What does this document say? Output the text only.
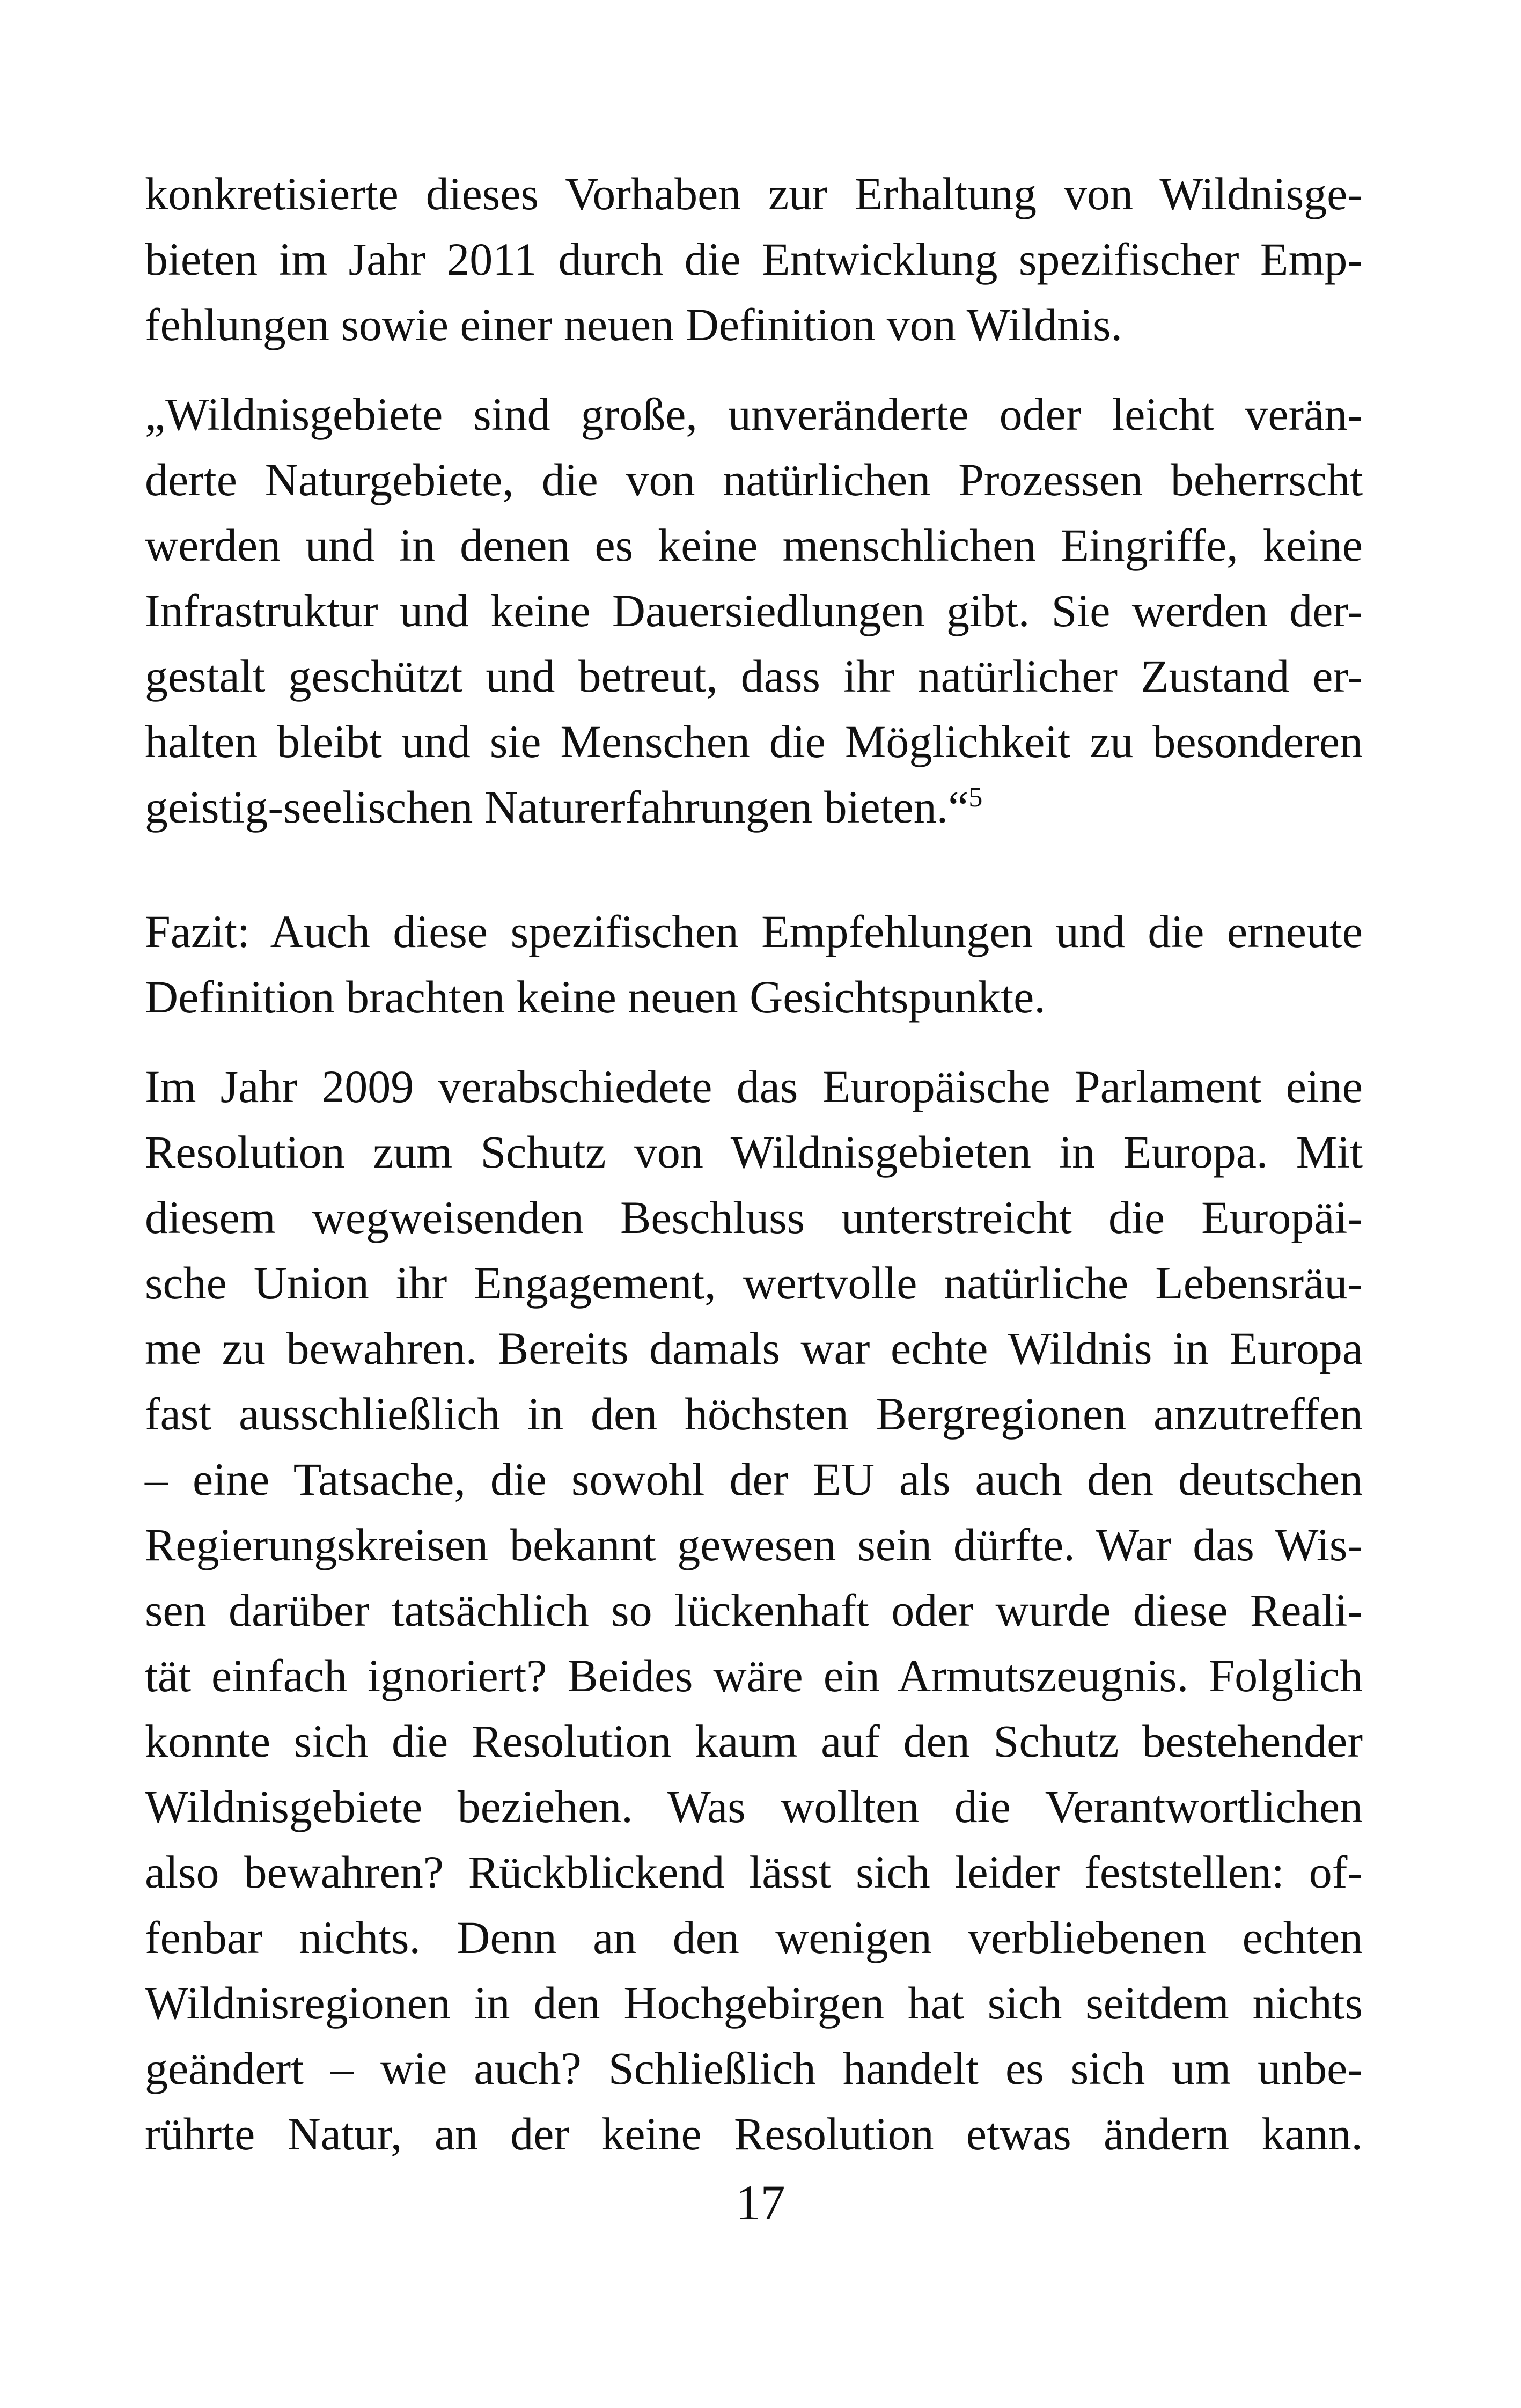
konkretisierte dieses Vorhaben zur Erhaltung von Wildnisge-
bieten im Jahr 2011 durch die Entwicklung spezifischer Emp-
fehlungen sowie einer neuen Definition von Wildnis.
„Wildnisgebiete sind große, unveränderte oder leicht verän-
derte Naturgebiete, die von natürlichen Prozessen beherrscht
werden und in denen es keine menschlichen Eingriffe, keine
Infrastruktur und keine Dauersiedlungen gibt. Sie werden der-
gestalt geschützt und betreut, dass ihr natürlicher Zustand er-
halten bleibt und sie Menschen die Möglichkeit zu besonderen
geistig-seelischen Naturerfahrungen bieten.“$^5$
Fazit: Auch diese spezifischen Empfehlungen und die erneute
Definition brachten keine neuen Gesichtspunkte.
Im Jahr 2009 verabschiedete das Europäische Parlament eine
Resolution zum Schutz von Wildnisgebieten in Europa. Mit
diesem wegweisenden Beschluss unterstreicht die Europäi-
sche Union ihr Engagement, wertvolle natürliche Lebensräu-
me zu bewahren. Bereits damals war echte Wildnis in Europa
fast ausschließlich in den höchsten Bergregionen anzutreffen
– eine Tatsache, die sowohl der EU als auch den deutschen
Regierungskreisen bekannt gewesen sein dürfte. War das Wis-
sen darüber tatsächlich so lückenhaft oder wurde diese Reali-
tät einfach ignoriert? Beides wäre ein Armutszeugnis. Folglich
konnte sich die Resolution kaum auf den Schutz bestehender
Wildnisgebiete beziehen. Was wollten die Verantwortlichen
also bewahren? Rückblickend lässt sich leider feststellen: of-
fenbar nichts. Denn an den wenigen verbliebenen echten
Wildnisregionen in den Hochgebirgen hat sich seitdem nichts
geändert – wie auch? Schließlich handelt es sich um unbe-
rührte Natur, an der keine Resolution etwas ändern kann.
17
